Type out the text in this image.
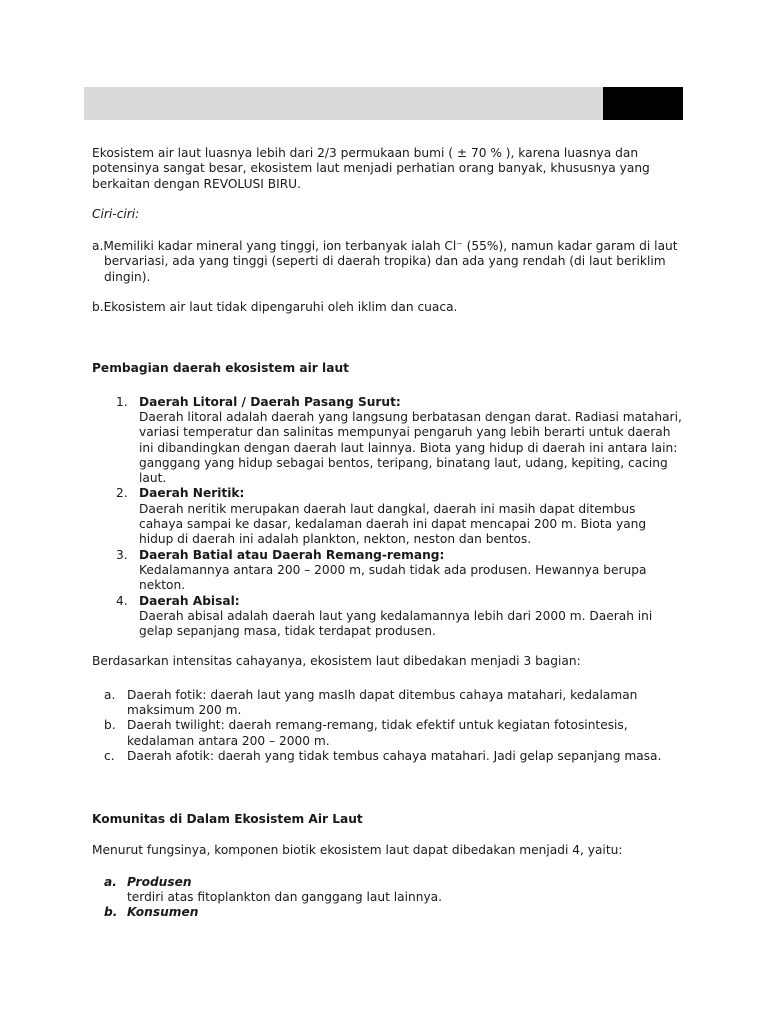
Ekosistem air laut luasnya lebih dari 2/3 permukaan bumi ( ± 70 % ), karena luasnya dan potensinya sangat besar, ekosistem laut menjadi perhatian orang banyak, khususnya yang berkaitan dengan REVOLUSI BIRU.

Ciri-ciri:

a.Memiliki kadar mineral yang tinggi, ion terbanyak ialah Cl⁻ (55%), namun kadar garam di laut bervariasi, ada yang tinggi (seperti di daerah tropika) dan ada yang rendah (di laut beriklim dingin).

b.Ekosistem air laut tidak dipengaruhi oleh iklim dan cuaca.

Pembagian daerah ekosistem air laut

1. Daerah Litoral / Daerah Pasang Surut:
Daerah litoral adalah daerah yang langsung berbatasan dengan darat. Radiasi matahari, variasi temperatur dan salinitas mempunyai pengaruh yang lebih berarti untuk daerah ini dibandingkan dengan daerah laut lainnya. Biota yang hidup di daerah ini antara lain: ganggang yang hidup sebagai bentos, teripang, binatang laut, udang, kepiting, cacing laut.
2. Daerah Neritik:
Daerah neritik merupakan daerah laut dangkal, daerah ini masih dapat ditembus cahaya sampai ke dasar, kedalaman daerah ini dapat mencapai 200 m. Biota yang hidup di daerah ini adalah plankton, nekton, neston dan bentos.
3. Daerah Batial atau Daerah Remang-remang:
Kedalamannya antara 200 – 2000 m, sudah tidak ada produsen. Hewannya berupa nekton.
4. Daerah Abisal:
Daerah abisal adalah daerah laut yang kedalamannya lebih dari 2000 m. Daerah ini gelap sepanjang masa, tidak terdapat produsen.

Berdasarkan intensitas cahayanya, ekosistem laut dibedakan menjadi 3 bagian:

a. Daerah fotik: daerah laut yang masIh dapat ditembus cahaya matahari, kedalaman maksimum 200 m.
b. Daerah twilight: daerah remang-remang, tidak efektif untuk kegiatan fotosintesis, kedalaman antara 200 – 2000 m.
c. Daerah afotik: daerah yang tidak tembus cahaya matahari. Jadi gelap sepanjang masa.

Komunitas di Dalam Ekosistem Air Laut

Menurut fungsinya, komponen biotik ekosistem laut dapat dibedakan menjadi 4, yaitu:

a. Produsen
terdiri atas fitoplankton dan ganggang laut lainnya.
b. Konsumen
